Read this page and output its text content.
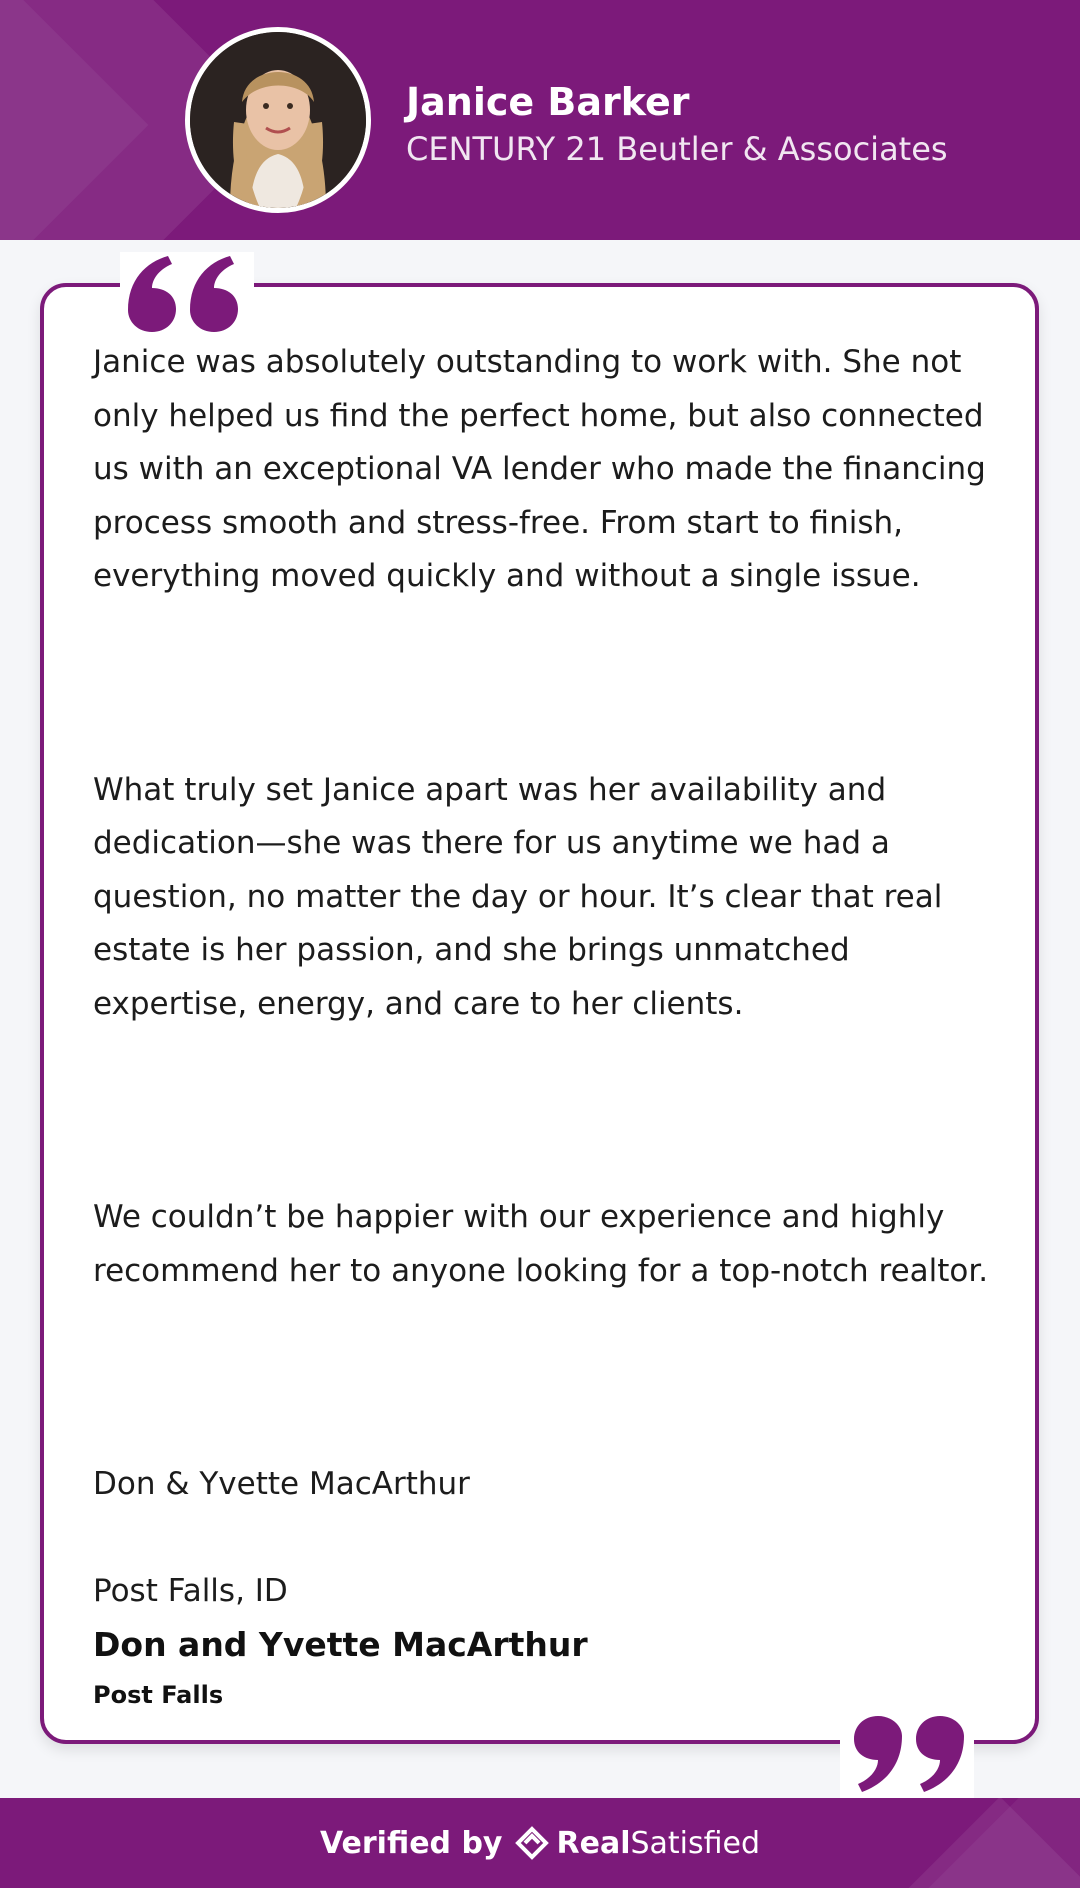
Janice Barker
CENTURY 21 Beutler & Associates

Janice was absolutely outstanding to work with. She not only helped us find the perfect home, but also connected us with an exceptional VA lender who made the financing process smooth and stress-free. From start to finish, everything moved quickly and without a single issue.

What truly set Janice apart was her availability and dedication—she was there for us anytime we had a question, no matter the day or hour. It’s clear that real estate is her passion, and she brings unmatched expertise, energy, and care to her clients.

We couldn’t be happier with our experience and highly recommend her to anyone looking for a top-notch realtor.

Don & Yvette MacArthur

Post Falls, ID

Don and Yvette MacArthur
Post Falls
Verified by Real Satisfied
